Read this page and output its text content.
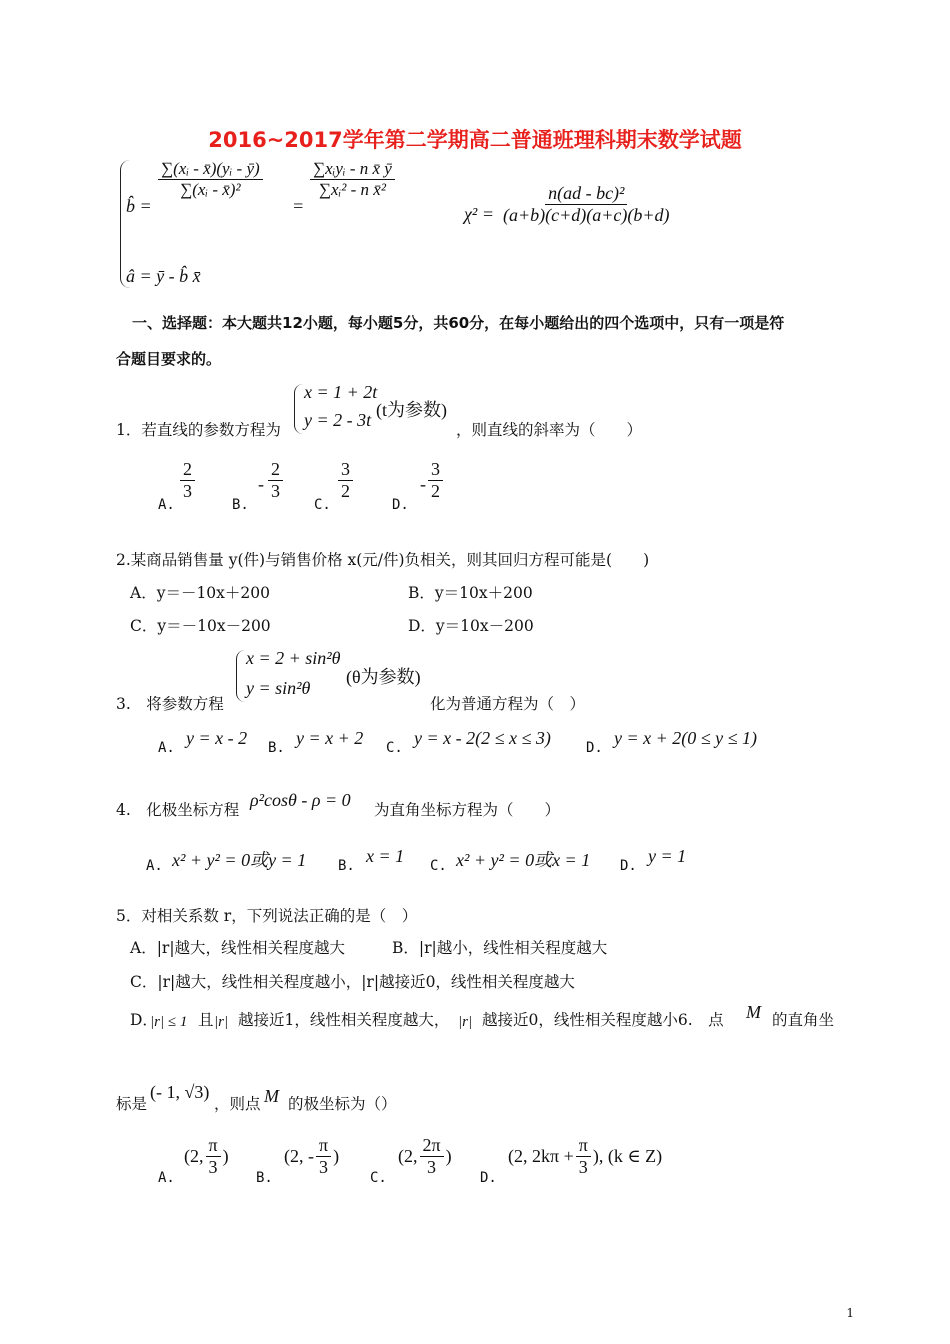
2016~2017学年第二学期高二普通班理科期末数学试题
b̂ =
$\frac{\text{∑(xᵢ - x̄)(yᵢ - ȳ)}}{\text{∑(xᵢ - x̄)²}}$
=
$\frac{\text{∑xᵢyᵢ - n x̄ ȳ}}{\text{∑xᵢ² - n x̄²}}$
â = ȳ - b̂ x̄
$\chi^2 = \frac{\text{n(ad - bc)²}}{(a+b)(c+d)(a+c)(b+d)}$
一、选择题：本大题共12小题，每小题5分，共60分，在每小题给出的四个选项中，只有一项是符
合题目要求的。
x = 1 + 2t
y = 2 - 3t (t为参数)
1．若直线的参数方程为	，则直线的斜率为（　　）
A.
$\frac{2}{3}$
B.
- $\frac{2}{3}$
C.
$\frac{3}{2}$
D.
- $\frac{3}{2}$
2.某商品销售量 y(件)与销售价格 x(元/件)负相关，则其回归方程可能是(　　)
A．y＝－10x＋200	B．y＝10x＋200
C．y＝－10x－200	D．y＝10x－200
x = 2 + sin²θ
y = sin²θ
(θ为参数)
3.　将参数方程	化为普通方程为（　）
A. y = x - 2 B. y = x + 2 C. y = x - 2(2 ≤ x ≤ 3)	D. y = x + 2(0 ≤ y ≤ 1)
4.　化极坐标方程 ρ²cosθ - ρ = 0 为直角坐标方程为（　　）
A. x² + y² = 0或y = 1 B. x = 1 C. x² + y² = 0或x = 1 D. y = 1
5．对相关系数 r，下列说法正确的是（　）
A．|r|越大，线性相关程度越大	B．|r|越小，线性相关程度越大
C．|r|越大，线性相关程度越小，|r|越接近0，线性相关程度越大
D．
|r| ≤ 1 且 |r| 越接近1，线性相关程度越大， |r| 越接近0，线性相关程度越小6.　点 M 的直角坐
标是
(- 1, √3)
，则点 M 的极坐标为（）
A.
(2, $\frac{\pi}{3}$ )
B.
(2, - $\frac{\pi}{3}$ )
C.
(2, $\frac{2\pi}{3}$ )
D.
(2, $2k\pi + \frac{\pi}{3}$ ), (k ∈ Z)
1
